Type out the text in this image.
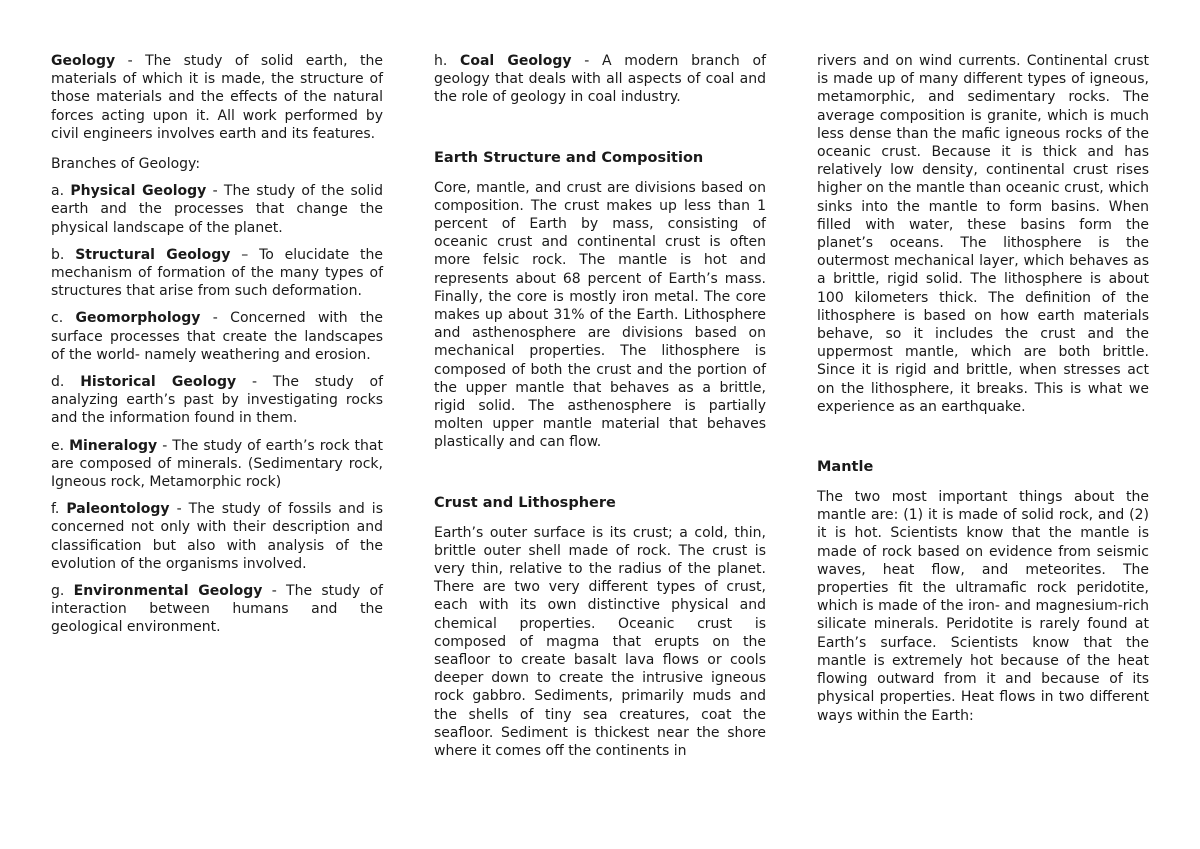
Geology - The study of solid earth, the materials of which it is made, the structure of those materials and the effects of the natural forces acting upon it. All work performed by civil engineers involves earth and its features.

Branches of Geology:

a. Physical Geology - The study of the solid earth and the processes that change the physical landscape of the planet.

b. Structural Geology – To elucidate the mechanism of formation of the many types of structures that arise from such deformation.

c. Geomorphology - Concerned with the surface processes that create the landscapes of the world- namely weathering and erosion.

d. Historical Geology - The study of analyzing earth’s past by investigating rocks and the information found in them.

e. Mineralogy - The study of earth’s rock that are composed of minerals. (Sedimentary rock, Igneous rock, Metamorphic rock)

f. Paleontology - The study of fossils and is concerned not only with their description and classification but also with analysis of the evolution of the organisms involved.

g. Environmental Geology - The study of interaction between humans and the geological environment.

h. Coal Geology - A modern branch of geology that deals with all aspects of coal and the role of geology in coal industry.

Earth Structure and Composition

Core, mantle, and crust are divisions based on composition. The crust makes up less than 1 percent of Earth by mass, consisting of oceanic crust and continental crust is often more felsic rock. The mantle is hot and represents about 68 percent of Earth’s mass. Finally, the core is mostly iron metal. The core makes up about 31% of the Earth. Lithosphere and asthenosphere are divisions based on mechanical properties. The lithosphere is composed of both the crust and the portion of the upper mantle that behaves as a brittle, rigid solid. The asthenosphere is partially molten upper mantle material that behaves plastically and can flow.

Crust and Lithosphere

Earth’s outer surface is its crust; a cold, thin, brittle outer shell made of rock. The crust is very thin, relative to the radius of the planet. There are two very different types of crust, each with its own distinctive physical and chemical properties. Oceanic crust is composed of magma that erupts on the seafloor to create basalt lava flows or cools deeper down to create the intrusive igneous rock gabbro. Sediments, primarily muds and the shells of tiny sea creatures, coat the seafloor. Sediment is thickest near the shore where it comes off the continents in

rivers and on wind currents. Continental crust is made up of many different types of igneous, metamorphic, and sedimentary rocks. The average composition is granite, which is much less dense than the mafic igneous rocks of the oceanic crust. Because it is thick and has relatively low density, continental crust rises higher on the mantle than oceanic crust, which sinks into the mantle to form basins. When filled with water, these basins form the planet’s oceans. The lithosphere is the outermost mechanical layer, which behaves as a brittle, rigid solid. The lithosphere is about 100 kilometers thick. The definition of the lithosphere is based on how earth materials behave, so it includes the crust and the uppermost mantle, which are both brittle. Since it is rigid and brittle, when stresses act on the lithosphere, it breaks. This is what we experience as an earthquake.

Mantle

The two most important things about the mantle are: (1) it is made of solid rock, and (2) it is hot. Scientists know that the mantle is made of rock based on evidence from seismic waves, heat flow, and meteorites. The properties fit the ultramafic rock peridotite, which is made of the iron- and magnesium-rich silicate minerals. Peridotite is rarely found at Earth’s surface. Scientists know that the mantle is extremely hot because of the heat flowing outward from it and because of its physical properties. Heat flows in two different ways within the Earth:
